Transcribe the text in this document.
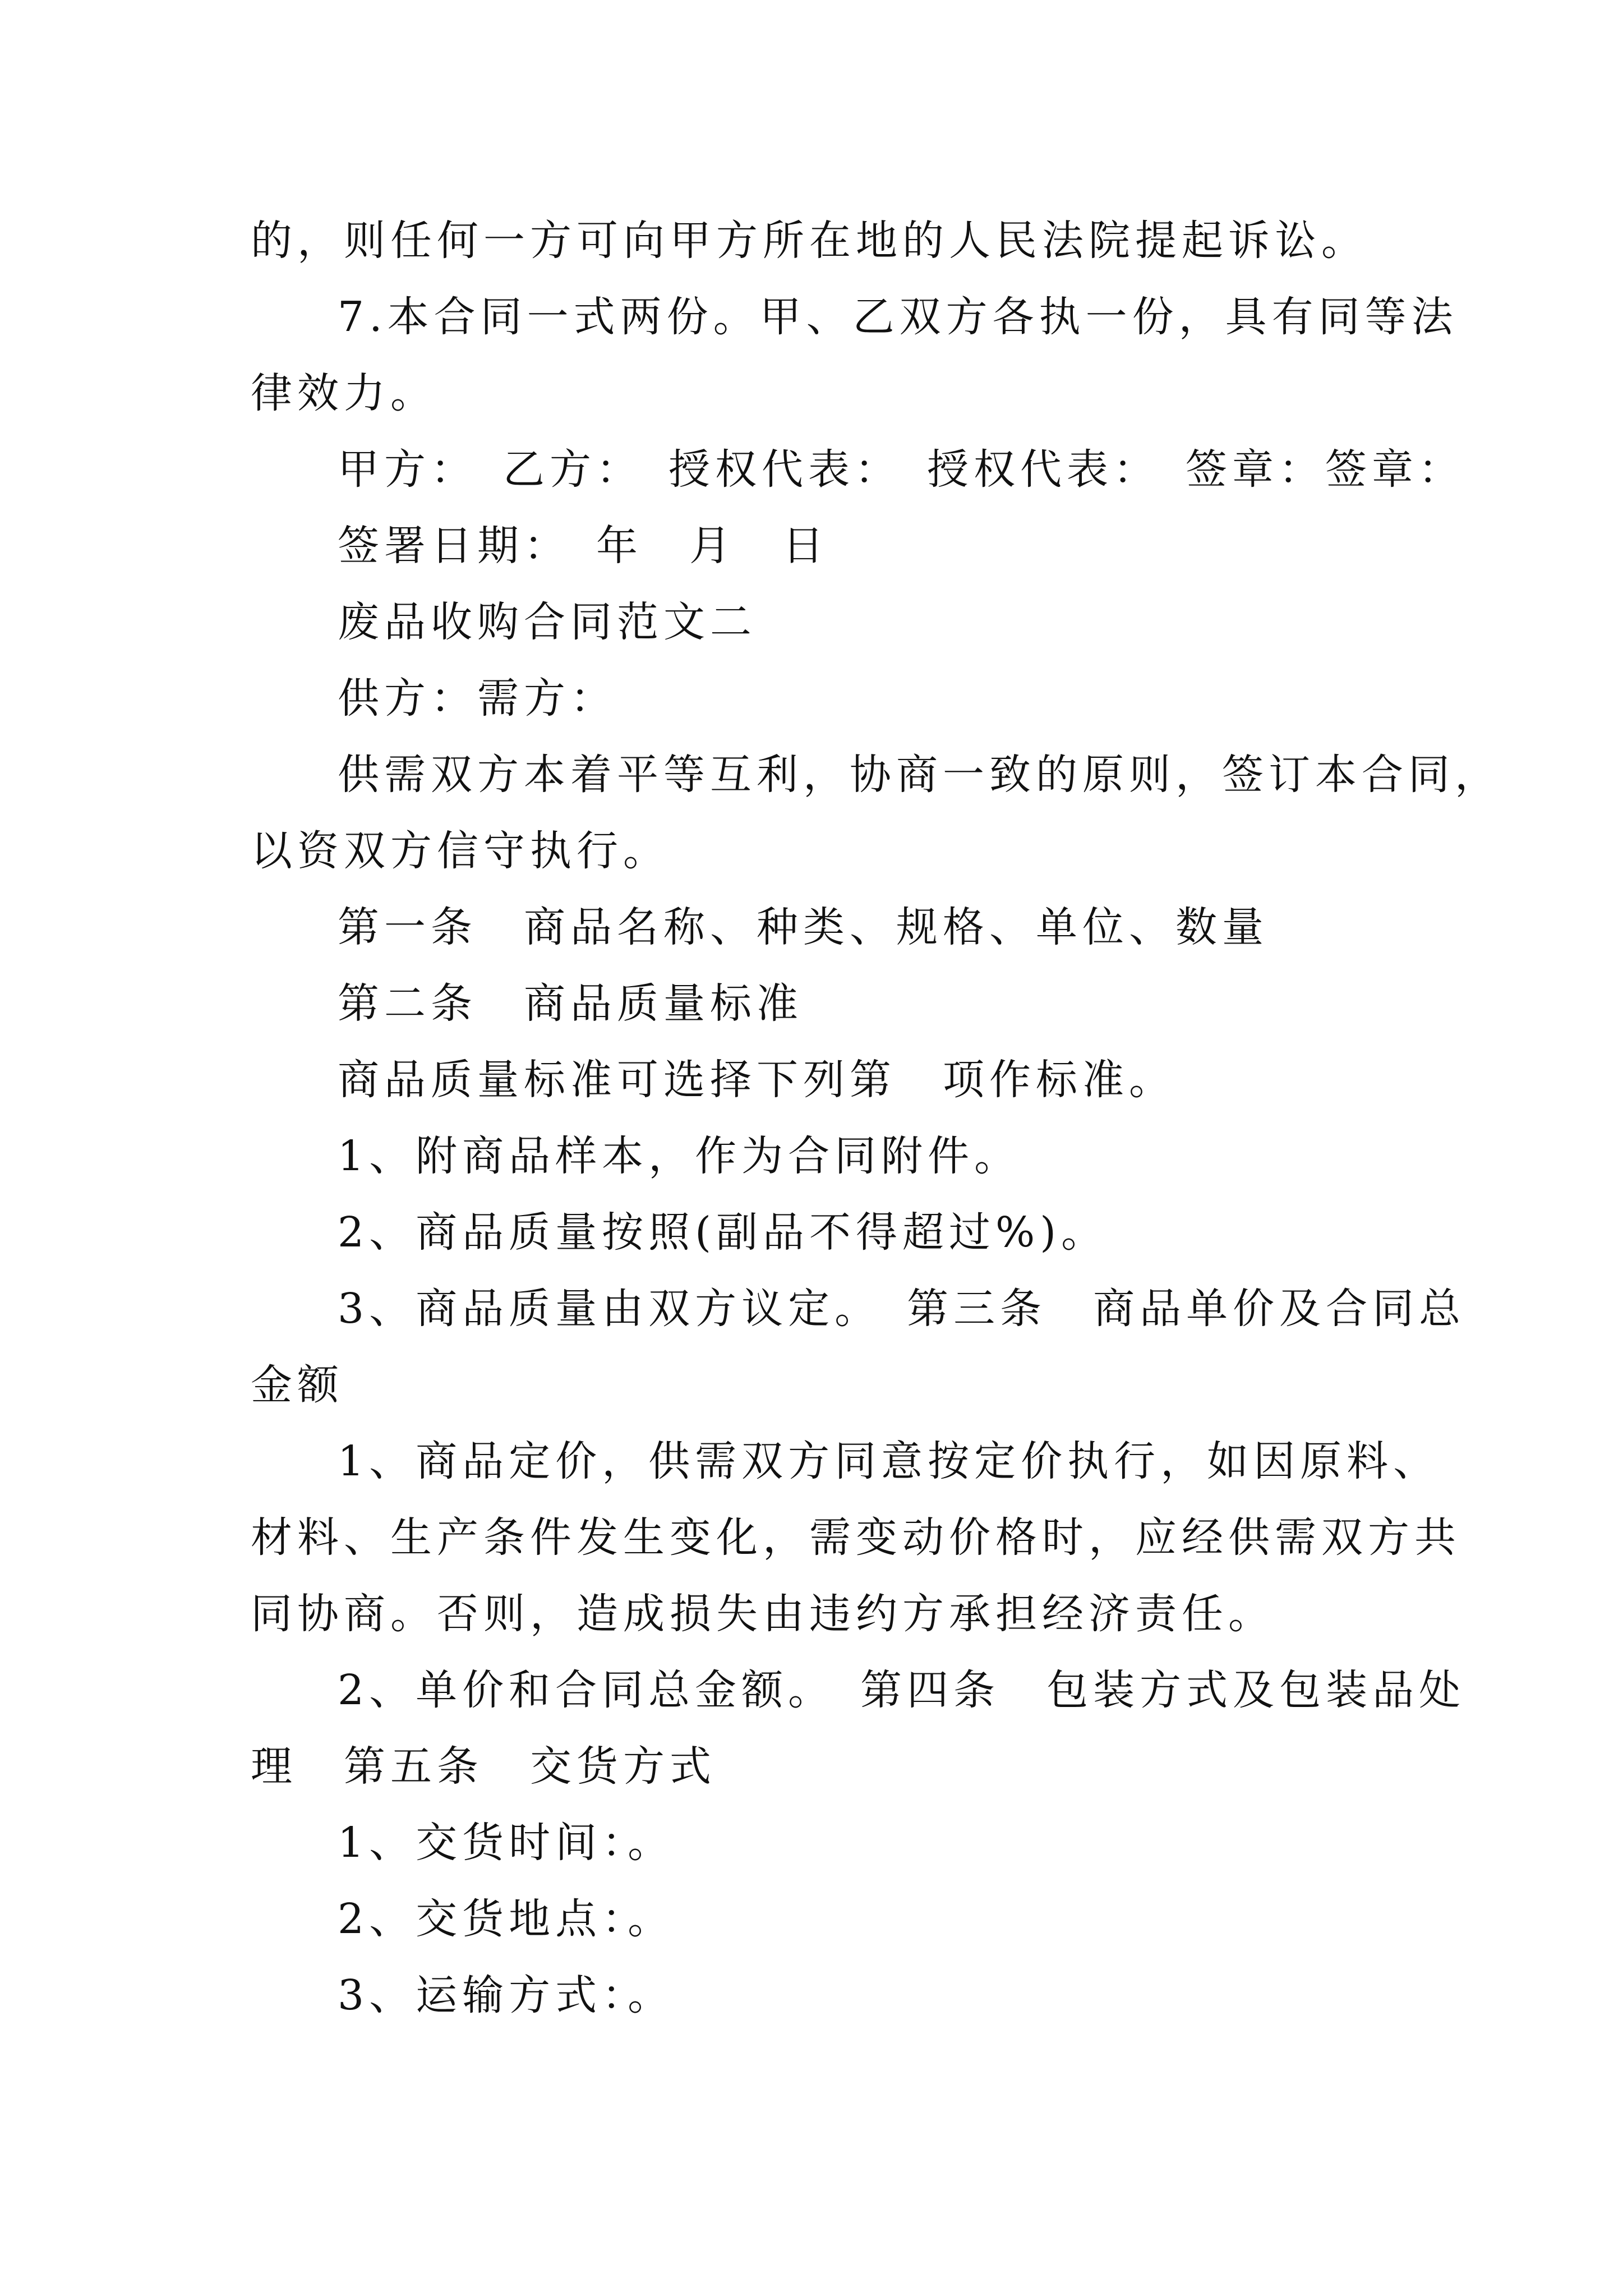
的，则任何一方可向甲方所在地的人民法院提起诉讼。
7.本合同一式两份。甲、乙双方各执一份，具有同等法
律效力。
甲方：　乙方：　授权代表：　授权代表：　签章：签章：
签署日期：　年　月　日
废品收购合同范文二
供方：需方：
供需双方本着平等互利，协商一致的原则，签订本合同，
以资双方信守执行。
第一条　商品名称、种类、规格、单位、数量
第二条　商品质量标准
商品质量标准可选择下列第　项作标准。
1、附商品样本，作为合同附件。
2、商品质量按照(副品不得超过%)。
3、商品质量由双方议定。　第三条　商品单价及合同总
金额
1、商品定价，供需双方同意按定价执行，如因原料、
材料、生产条件发生变化，需变动价格时，应经供需双方共
同协商。否则，造成损失由违约方承担经济责任。
2、单价和合同总金额。　第四条　包装方式及包装品处
理　第五条　交货方式
1、交货时间：。
2、交货地点：。
3、运输方式：。
